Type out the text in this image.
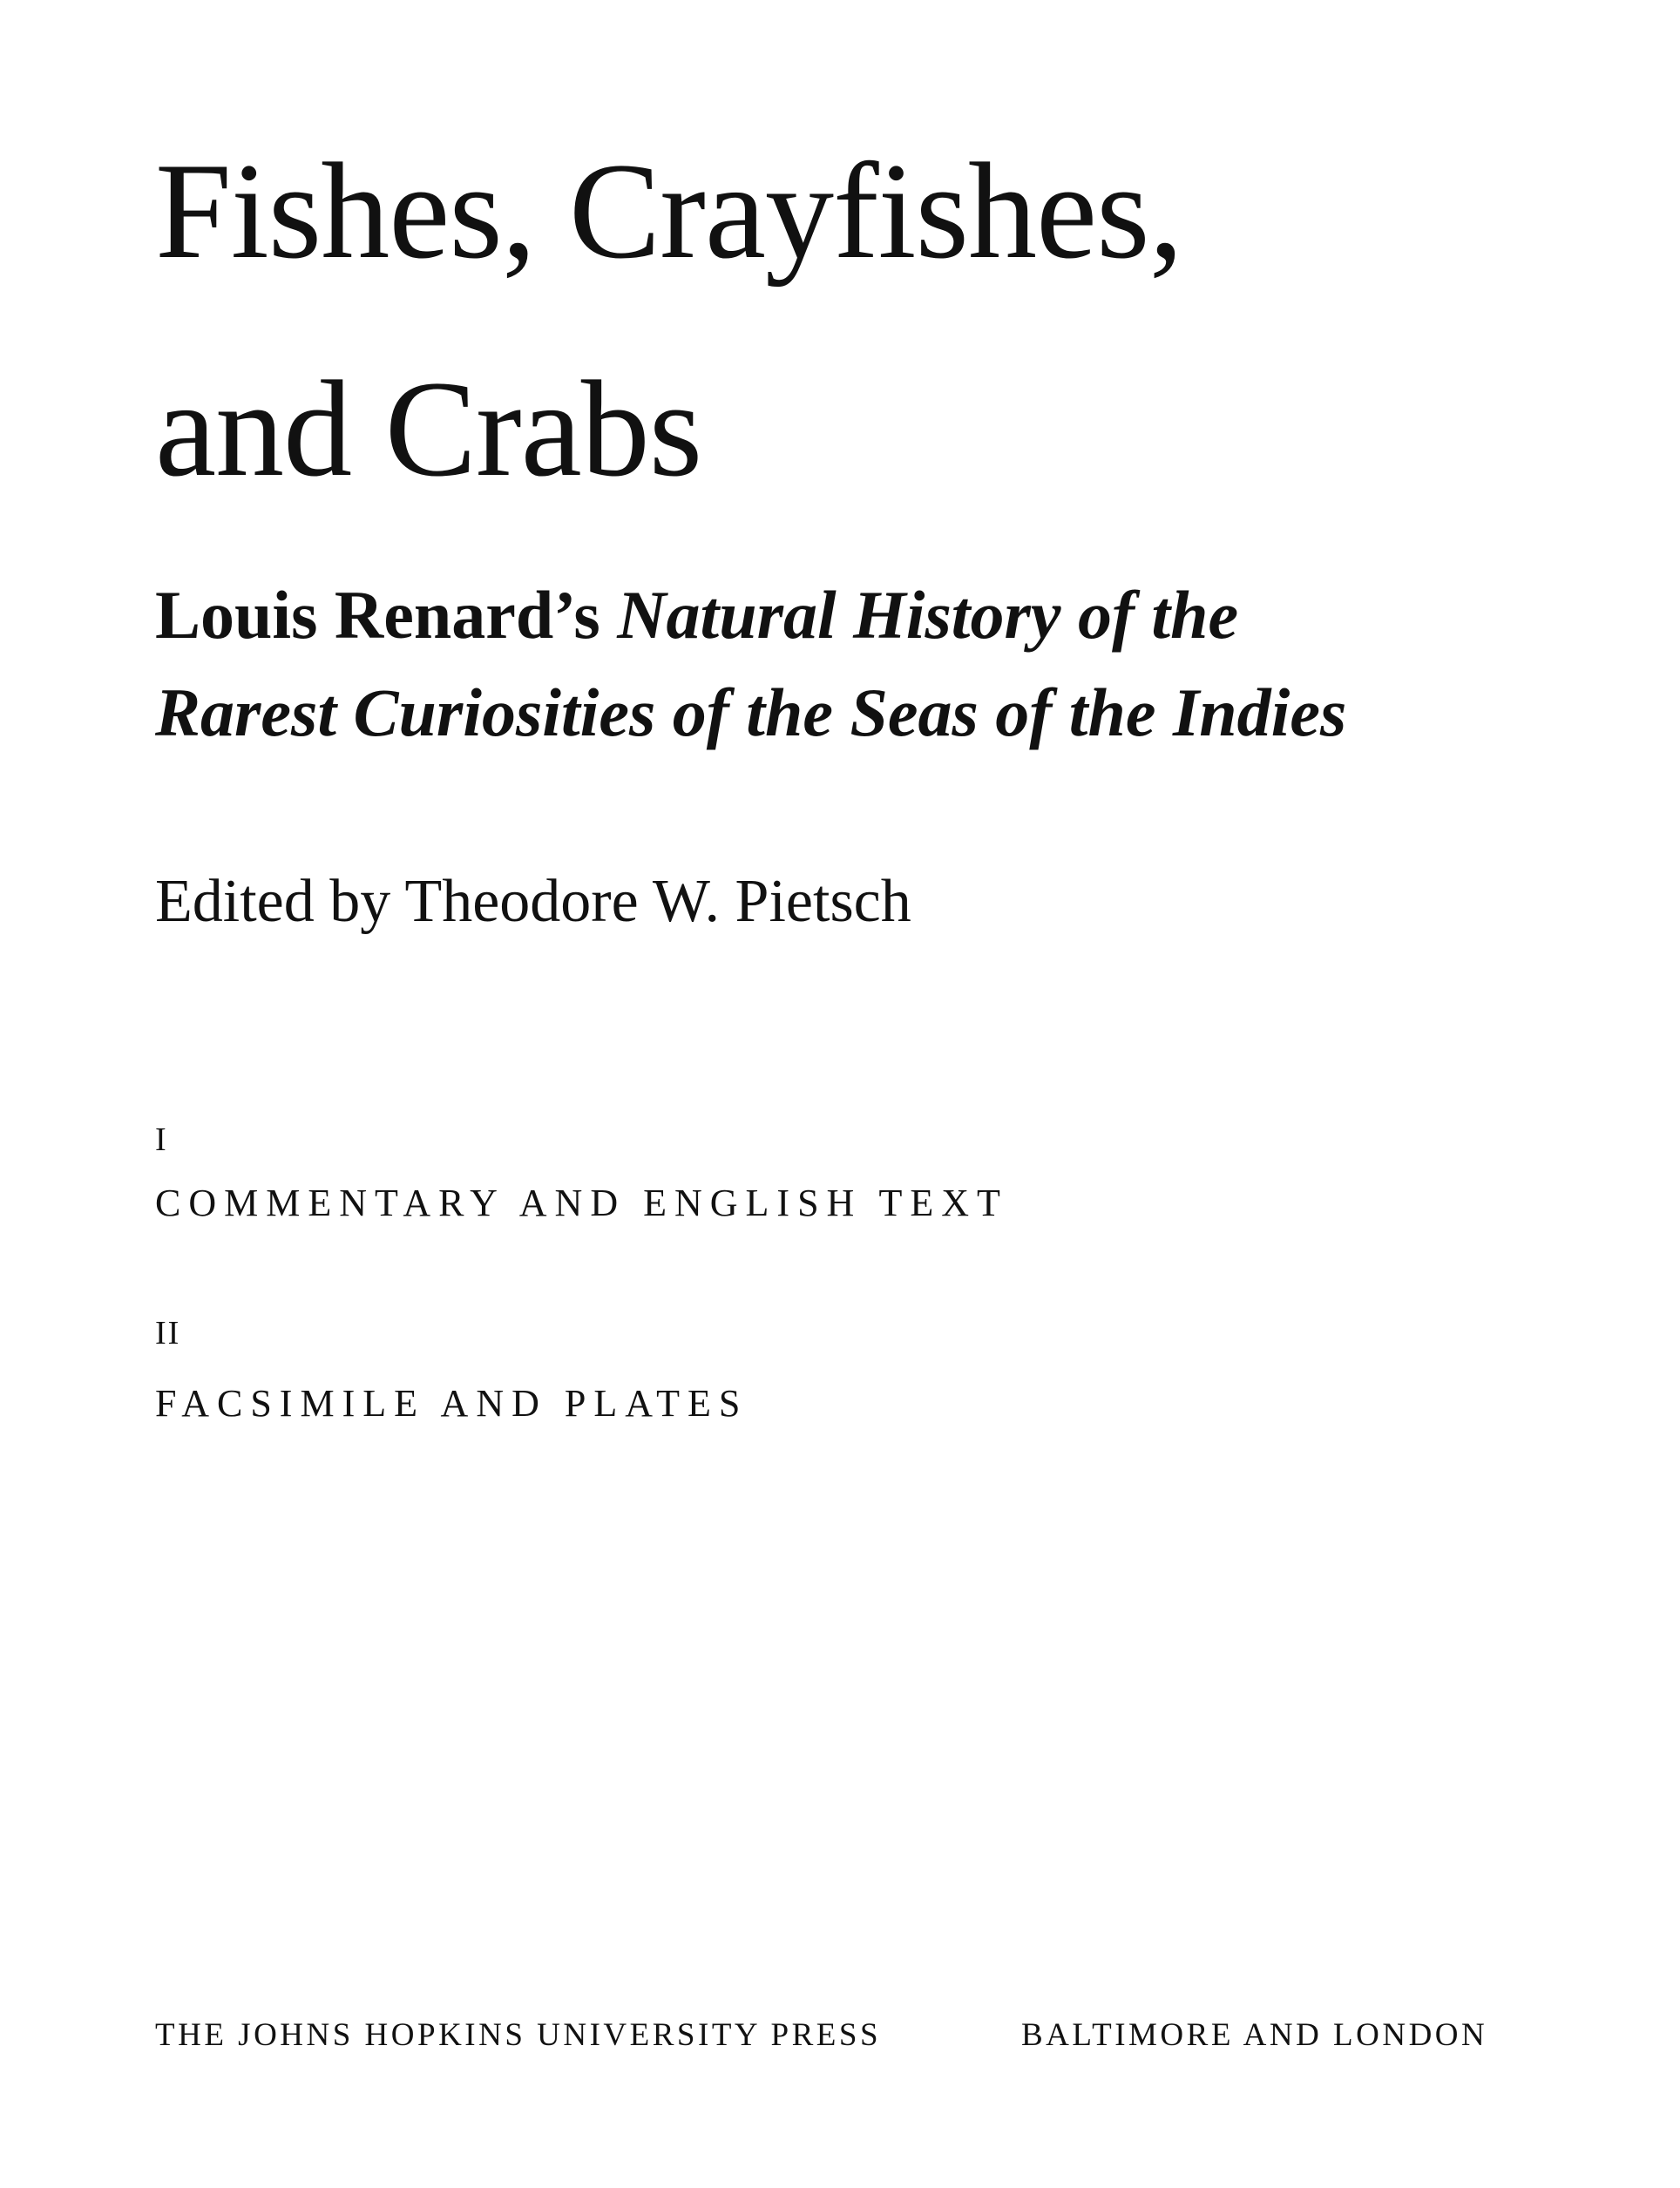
Fishes, Crayfishes,
and Crabs
Louis Renard’s Natural History of the
Rarest Curiosities of the Seas of the Indies
Edited by Theodore W. Pietsch
I
COMMENTARY AND ENGLISH TEXT
II
FACSIMILE AND PLATES
THE JOHNS HOPKINS UNIVERSITY PRESS	BALTIMORE AND LONDON
